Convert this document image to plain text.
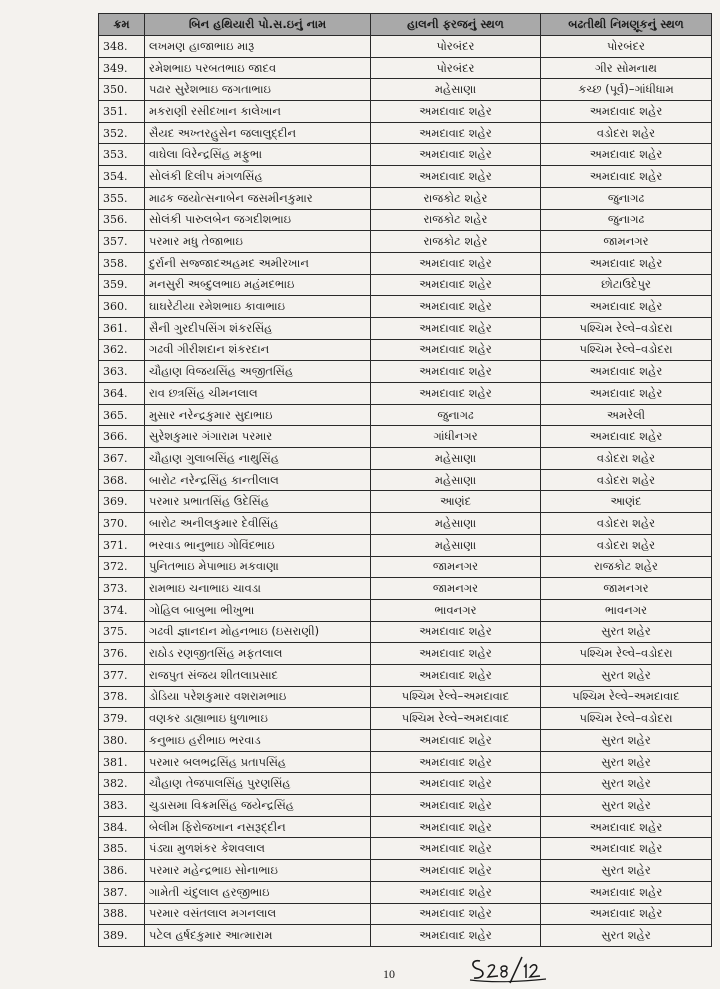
ક્રમ	બિન હથિયારી પો.સ.ઇનું નામ	હાલની ફરજનું સ્થળ	બઢતીથી નિમણૂકનું સ્થળ
348.	લખમણ હાજાભાઇ મારૂ	પોરબંદર	પોરબંદર
349.	રમેશભાઇ પરબતભાઇ જાદવ	પોરબંદર	ગીર સોમનાથ
350.	પઢાર સુરેશભાઇ જગતાભાઇ	મહેસાણા	કચ્છ (પૂર્વ)–ગાંધીધામ
351.	મકરાણી રસીદખાન કાલેખાન	અમદાવાદ શહેર	અમદાવાદ શહેર
352.	સૈયદ અખ્તરહુસેન જલાલુદ્દીન	અમદાવાદ શહેર	વડોદરા શહેર
353.	વાઘેલા વિરેન્દ્રસિંહ મફુભા	અમદાવાદ શહેર	અમદાવાદ શહેર
354.	સોલંકી દિલીપ મંગળસિંહ	અમદાવાદ શહેર	અમદાવાદ શહેર
355.	માઢક જયોત્સનાબેન જસમીનકુમાર	રાજકોટ શહેર	જુનાગઢ
356.	સોલંકી પારુલબેન જગદીશભાઇ	રાજકોટ શહેર	જુનાગઢ
357.	પરમાર મધુ તેજાભાઇ	રાજકોટ શહેર	જામનગર
358.	દુર્રાની સજ્જાદઅહમદ અમીરખાન	અમદાવાદ શહેર	અમદાવાદ શહેર
359.	મનસુરી અબ્દુલભાઇ મહંમદભાઇ	અમદાવાદ શહેર	છોટાઉદેપુર
360.	ઘાઘરેટીયા રમેશભાઇ કાવાભાઇ	અમદાવાદ શહેર	અમદાવાદ શહેર
361.	સૈની ગુરદીપસિંગ શંકરસિંહ	અમદાવાદ શહેર	પશ્ચિમ રેલ્વે–વડોદરા
362.	ગઢવી ગીરીશદાન શંકરદાન	અમદાવાદ શહેર	પશ્ચિમ રેલ્વે–વડોદરા
363.	ચૌહાણ વિજયસિંહ અજીતસિંહ	અમદાવાદ શહેર	અમદાવાદ શહેર
364.	રાવ છત્રસિંહ ચીમનલાલ	અમદાવાદ શહેર	અમદાવાદ શહેર
365.	મુસાર નરેન્દ્રકુમાર સુદાભાઇ	જુનાગઢ	અમરેલી
366.	સુરેશકુમાર ગંગારામ પરમાર	ગાંધીનગર	અમદાવાદ શહેર
367.	ચૌહાણ ગુલાબસિંહ નાથુસિંહ	મહેસાણા	વડોદરા શહેર
368.	બારોટ નરેન્દ્રસિંહ કાન્તીલાલ	મહેસાણા	વડોદરા શહેર
369.	પરમાર પ્રભાતસિંહ ઉદેસિંહ	આણંદ	આણંદ
370.	બારોટ અનીલકુમાર દેવીસિંહ	મહેસાણા	વડોદરા શહેર
371.	ભરવાડ ભાનુભાઇ ગોવિંદભાઇ	મહેસાણા	વડોદરા શહેર
372.	પુનિતભાઇ મેપાભાઇ મકવાણા	જામનગર	રાજકોટ શહેર
373.	રામભાઇ ચનાભાઇ ચાવડા	જામનગર	જામનગર
374.	ગોહિલ બાબુભા ભીખુભા	ભાવનગર	ભાવનગર
375.	ગઢવી જ્ઞાનદાન મોહનભાઇ (ઇસરાણી)	અમદાવાદ શહેર	સુરત શહેર
376.	રાઠોડ રણજીતસિંહ મફતલાલ	અમદાવાદ શહેર	પશ્ચિમ રેલ્વે–વડોદરા
377.	રાજપુત સંજય શીતલાપ્રસાદ	અમદાવાદ શહેર	સુરત શહેર
378.	ડોડિયા પરેશકુમાર વશરામભાઇ	પશ્ચિમ રેલ્વે–અમદાવાદ	પશ્ચિમ રેલ્વે–અમદાવાદ
379.	વણકર ડાહ્યાભાઇ ધુળાભાઇ	પશ્ચિમ રેલ્વે–અમદાવાદ	પશ્ચિમ રેલ્વે–વડોદરા
380.	કનુભાઇ હરીભાઇ ભરવાડ	અમદાવાદ શહેર	સુરત શહેર
381.	પરમાર બલભદ્રસિંહ પ્રતાપસિંહ	અમદાવાદ શહેર	સુરત શહેર
382.	ચૌહાણ તેજપાલસિંહ પુરણસિંહ	અમદાવાદ શહેર	સુરત શહેર
383.	ચુડાસમા વિક્રમસિંહ જયેન્દ્રસિંહ	અમદાવાદ શહેર	સુરત શહેર
384.	બેલીમ ફિરોજખાન નસરૂદ્દીન	અમદાવાદ શહેર	અમદાવાદ શહેર
385.	પંડ્યા મુળશંકર કેશવલાલ	અમદાવાદ શહેર	અમદાવાદ શહેર
386.	પરમાર મહેન્દ્રભાઇ સોનાભાઇ	અમદાવાદ શહેર	સુરત શહેર
387.	ગામેતી ચંદુલાલ હરજીભાઇ	અમદાવાદ શહેર	અમદાવાદ શહેર
388.	પરમાર વસંતલાલ મગનલાલ	અમદાવાદ શહેર	અમદાવાદ શહેર
389.	પટેલ હર્ષદકુમાર આત્મારામ	અમદાવાદ શહેર	સુરત શહેર
10
